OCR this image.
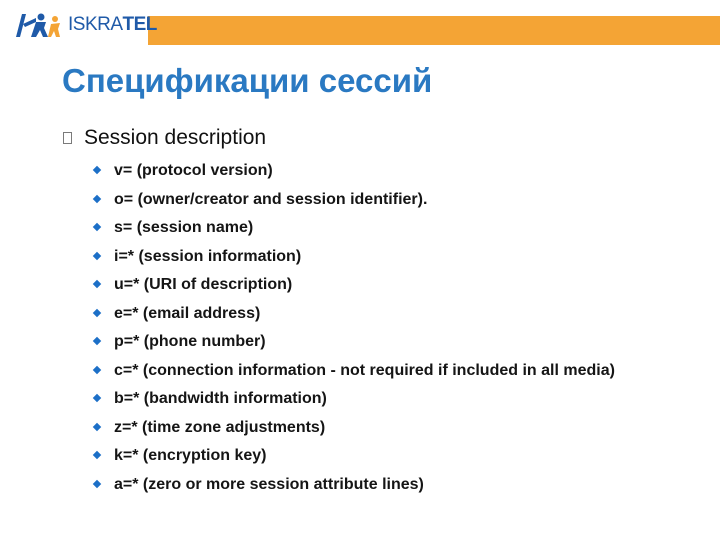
ISKRA TEL
Спецификации сессий
Session description
v= (protocol version)
o= (owner/creator and session identifier).
s= (session name)
i=* (session information)
u=* (URI of description)
e=* (email address)
p=* (phone number)
c=* (connection information - not required if included in all media)
b=* (bandwidth information)
z=* (time zone adjustments)
k=* (encryption key)
a=* (zero or more session attribute lines)
